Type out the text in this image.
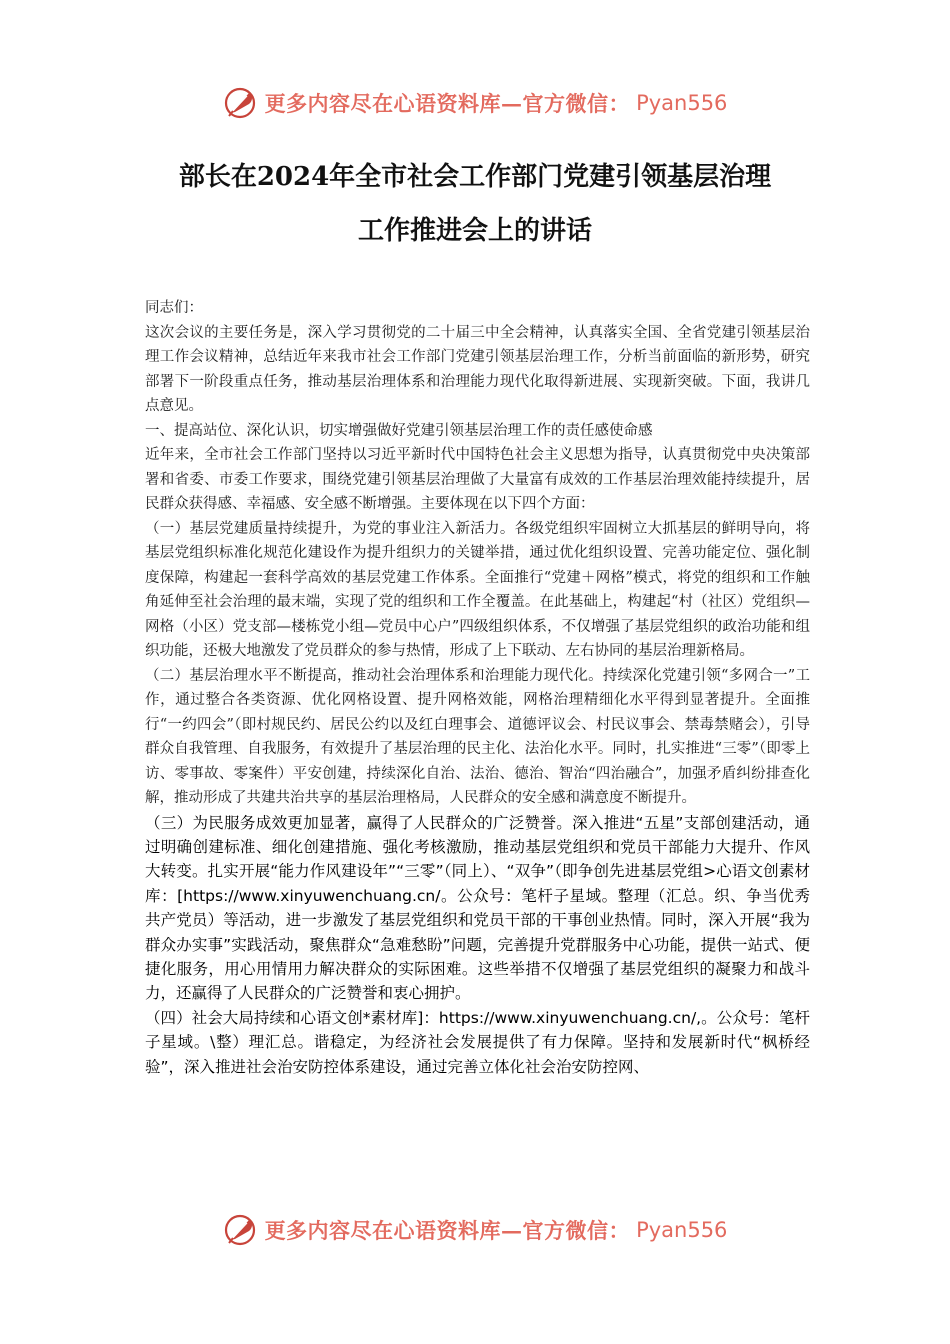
更多内容尽在心语资料库—官方微信： Pyan556
部长在2024年全市社会工作部门党建引领基层治理
工作推进会上的讲话

同志们：

这次会议的主要任务是，深入学习贯彻党的二十届三中全会精神，认真落实全国、全省党建引领基层治理工作会议精神，总结近年来我市社会工作部门党建引领基层治理工作，分析当前面临的新形势，研究部署下一阶段重点任务，推动基层治理体系和治理能力现代化取得新进展、实现新突破。下面，我讲几点意见。

一、提高站位、深化认识，切实增强做好党建引领基层治理工作的责任感使命感

近年来，全市社会工作部门坚持以习近平新时代中国特色社会主义思想为指导，认真贯彻党中央决策部署和省委、市委工作要求，围绕党建引领基层治理做了大量富有成效的工作基层治理效能持续提升，居民群众获得感、幸福感、安全感不断增强。主要体现在以下四个方面：

（一）基层党建质量持续提升，为党的事业注入新活力。各级党组织牢固树立大抓基层的鲜明导向，将基层党组织标准化规范化建设作为提升组织力的关键举措，通过优化组织设置、完善功能定位、强化制度保障，构建起一套科学高效的基层党建工作体系。全面推行“党建＋网格”模式，将党的组织和工作触角延伸至社会治理的最末端，实现了党的组织和工作全覆盖。在此基础上，构建起“村（社区）党组织—网格（小区）党支部—楼栋党小组—党员中心户”四级组织体系，不仅增强了基层党组织的政治功能和组织功能，还极大地激发了党员群众的参与热情，形成了上下联动、左右协同的基层治理新格局。

（二）基层治理水平不断提高，推动社会治理体系和治理能力现代化。持续深化党建引领“多网合一”工作，通过整合各类资源、优化网格设置、提升网格效能，网格治理精细化水平得到显著提升。全面推行“一约四会”（即村规民约、居民公约以及红白理事会、道德评议会、村民议事会、禁毒禁赌会），引导群众自我管理、自我服务，有效提升了基层治理的民主化、法治化水平。同时，扎实推进“三零”（即零上访、零事故、零案件）平安创建，持续深化自治、法治、德治、智治“四治融合”，加强矛盾纠纷排查化解，推动形成了共建共治共享的基层治理格局，人民群众的安全感和满意度不断提升。

（三）为民服务成效更加显著，赢得了人民群众的广泛赞誉。深入推进“五星”支部创建活动，通过明确创建标准、细化创建措施、强化考核激励，推动基层党组织和党员干部能力大提升、作风大转变。扎实开展“能力作风建设年”“三零”（同上）、“双争”（即争创先进基层党组>心语文创素材库：[https://www.xinyuwenchuang.cn/。公众号：笔杆子星域。整理（汇总。织、争当优秀共产党员）等活动，进一步激发了基层党组织和党员干部的干事创业热情。同时，深入开展“我为群众办实事”实践活动，聚焦群众“急难愁盼”问题，完善提升党群服务中心功能，提供一站式、便捷化服务，用心用情用力解决群众的实际困难。这些举措不仅增强了基层党组织的凝聚力和战斗力，还赢得了人民群众的广泛赞誉和衷心拥护。

（四）社会大局持续和心语文创*素材库]：https://www.xinyuwenchuang.cn/,。公众号：笔杆子星域。\整）理汇总。谐稳定，为经济社会发展提供了有力保障。坚持和发展新时代“枫桥经验”，深入推进社会治安防控体系建设，通过完善立体化社会治安防控网、

更多内容尽在心语资料库—官方微信： Pyan556
